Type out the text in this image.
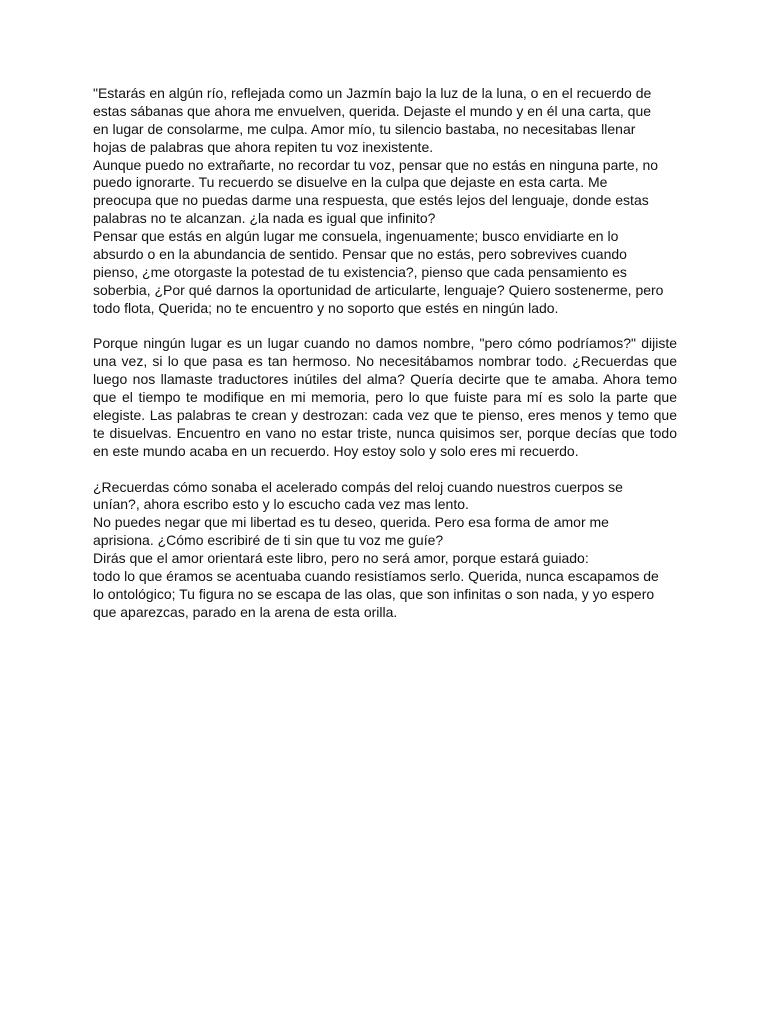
"Estarás en algún río, reflejada como un Jazmín bajo la luz de la luna, o en el recuerdo de
estas sábanas que ahora me envuelven, querida. Dejaste el mundo y en él una carta, que
en lugar de consolarme, me culpa. Amor mío, tu silencio bastaba, no necesitabas llenar
hojas de palabras que ahora repiten tu voz inexistente.
Aunque puedo no extrañarte, no recordar tu voz, pensar que no estás en ninguna parte, no
puedo ignorarte. Tu recuerdo se disuelve en la culpa que dejaste en esta carta. Me
preocupa que no puedas darme una respuesta, que estés lejos del lenguaje, donde estas
palabras no te alcanzan. ¿la nada es igual que infinito?
Pensar que estás en algún lugar me consuela, ingenuamente; busco envidiarte en lo
absurdo o en la abundancia de sentido. Pensar que no estás, pero sobrevives cuando
pienso, ¿me otorgaste la potestad de tu existencia?, pienso que cada pensamiento es
soberbia, ¿Por qué darnos la oportunidad de articularte, lenguaje? Quiero sostenerme, pero
todo flota, Querida; no te encuentro y no soporto que estés en ningún lado.
Porque ningún lugar es un lugar cuando no damos nombre, "pero cómo podríamos?" dijiste
una vez, si lo que pasa es tan hermoso. No necesitábamos nombrar todo. ¿Recuerdas que
luego nos llamaste traductores inútiles del alma? Quería decirte que te amaba. Ahora temo
que el tiempo te modifique en mi memoria, pero lo que fuiste para mí es solo la parte que
elegiste. Las palabras te crean y destrozan: cada vez que te pienso, eres menos y temo que
te disuelvas. Encuentro en vano no estar triste, nunca quisimos ser, porque decías que todo
en este mundo acaba en un recuerdo. Hoy estoy solo y solo eres mi recuerdo.
¿Recuerdas cómo sonaba el acelerado compás del reloj cuando nuestros cuerpos se
unían?, ahora escribo esto y lo escucho cada vez mas lento.
No puedes negar que mi libertad es tu deseo, querida. Pero esa forma de amor me
aprisiona. ¿Cómo escribiré de ti sin que tu voz me guíe?
Dirás que el amor orientará este libro, pero no será amor, porque estará guiado:
todo lo que éramos se acentuaba cuando resistíamos serlo. Querida, nunca escapamos de
lo ontológico; Tu figura no se escapa de las olas, que son infinitas o son nada, y yo espero
que aparezcas, parado en la arena de esta orilla.
